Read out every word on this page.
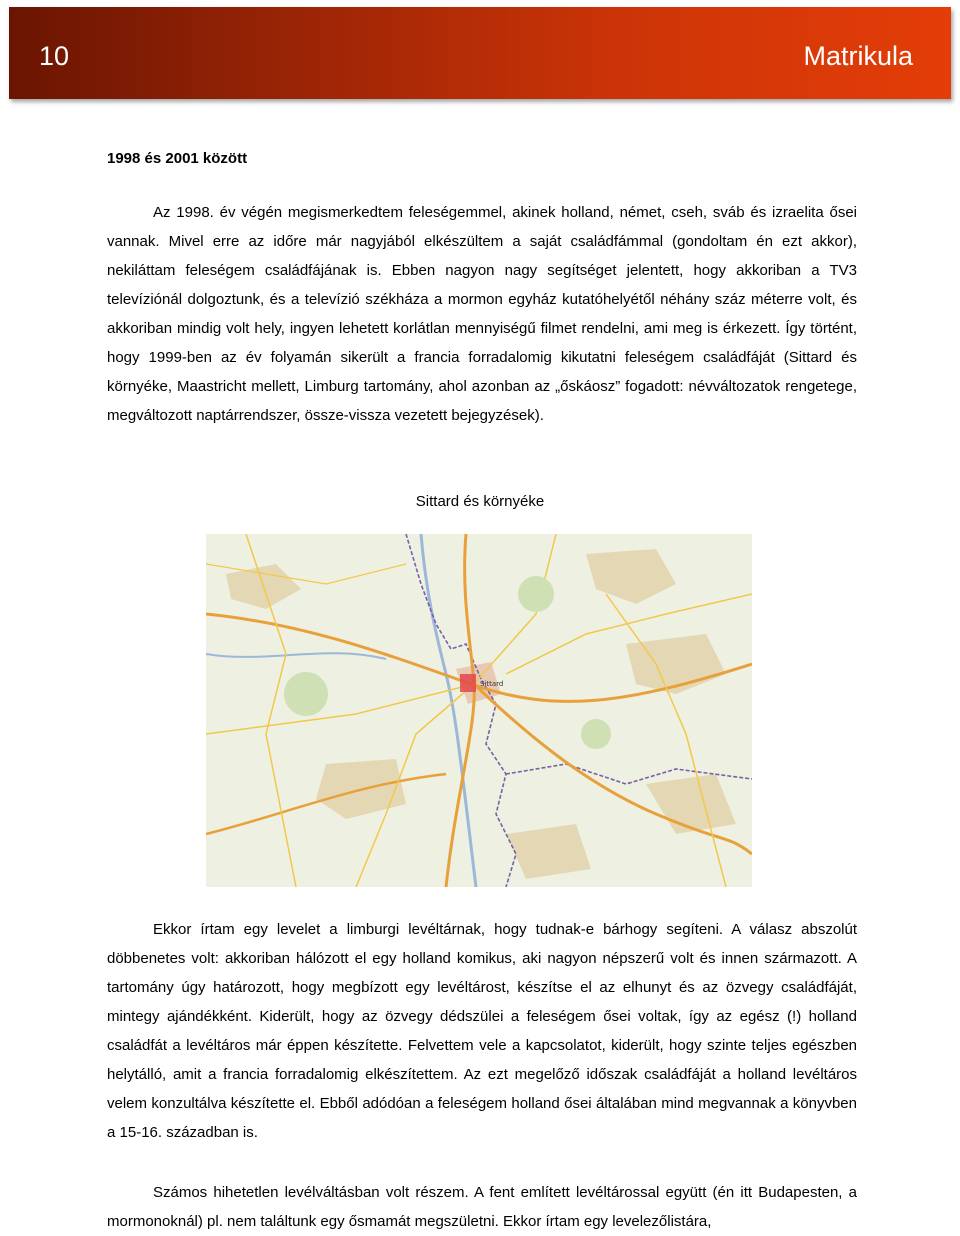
10	Matrikula
1998 és 2001 között
Az 1998. év végén megismerkedtem feleségemmel, akinek holland, német, cseh, sváb és izraelita ősei vannak. Mivel erre az időre már nagyjából elkészültem a saját családfámmal (gondoltam én ezt akkor), nekiláttam feleségem családfájának is. Ebben nagyon nagy segítséget jelentett, hogy akkoriban a TV3 televíziónál dolgoztunk, és a televízió székháza a mormon egyház kutatóhelyétől néhány száz méterre volt, és akkoriban mindig volt hely, ingyen lehetett korlátlan mennyiségű filmet rendelni, ami meg is érkezett. Így történt, hogy 1999-ben az év folyamán sikerült a francia forradalomig kikutatni feleségem családfáját (Sittard és környéke, Maastricht mellett, Limburg tartomány, ahol azonban az „őskáosz” fogadott: névváltozatok rengetege, megváltozott naptárrendszer, össze-vissza vezetett bejegyzések).
Sittard és környéke
Sittard
Ekkor írtam egy levelet a limburgi levéltárnak, hogy tudnak-e bárhogy segíteni. A válasz abszolút döbbenetes volt: akkoriban hálózott el egy holland komikus, aki nagyon népszerű volt és innen származott. A tartomány úgy határozott, hogy megbízott egy levéltárost, készítse el az elhunyt és az özvegy családfáját, mintegy ajándékként. Kiderült, hogy az özvegy dédszülei a feleségem ősei voltak, így az egész (!) holland családfát a levéltáros már éppen készítette. Felvettem vele a kapcsolatot, kiderült, hogy szinte teljes egészben helytálló, amit a francia forradalomig elkészítettem. Az ezt megelőző időszak családfáját a holland levéltáros velem konzultálva készítette el. Ebből adódóan a feleségem holland ősei általában mind megvannak a könyvben a 15-16. században is.
Számos hihetetlen levélváltásban volt részem. A fent említett levéltárossal együtt (én itt Budapesten, a mormonoknál) pl. nem találtunk egy ősmamát megszületni. Ekkor írtam egy levelezőlistára,
